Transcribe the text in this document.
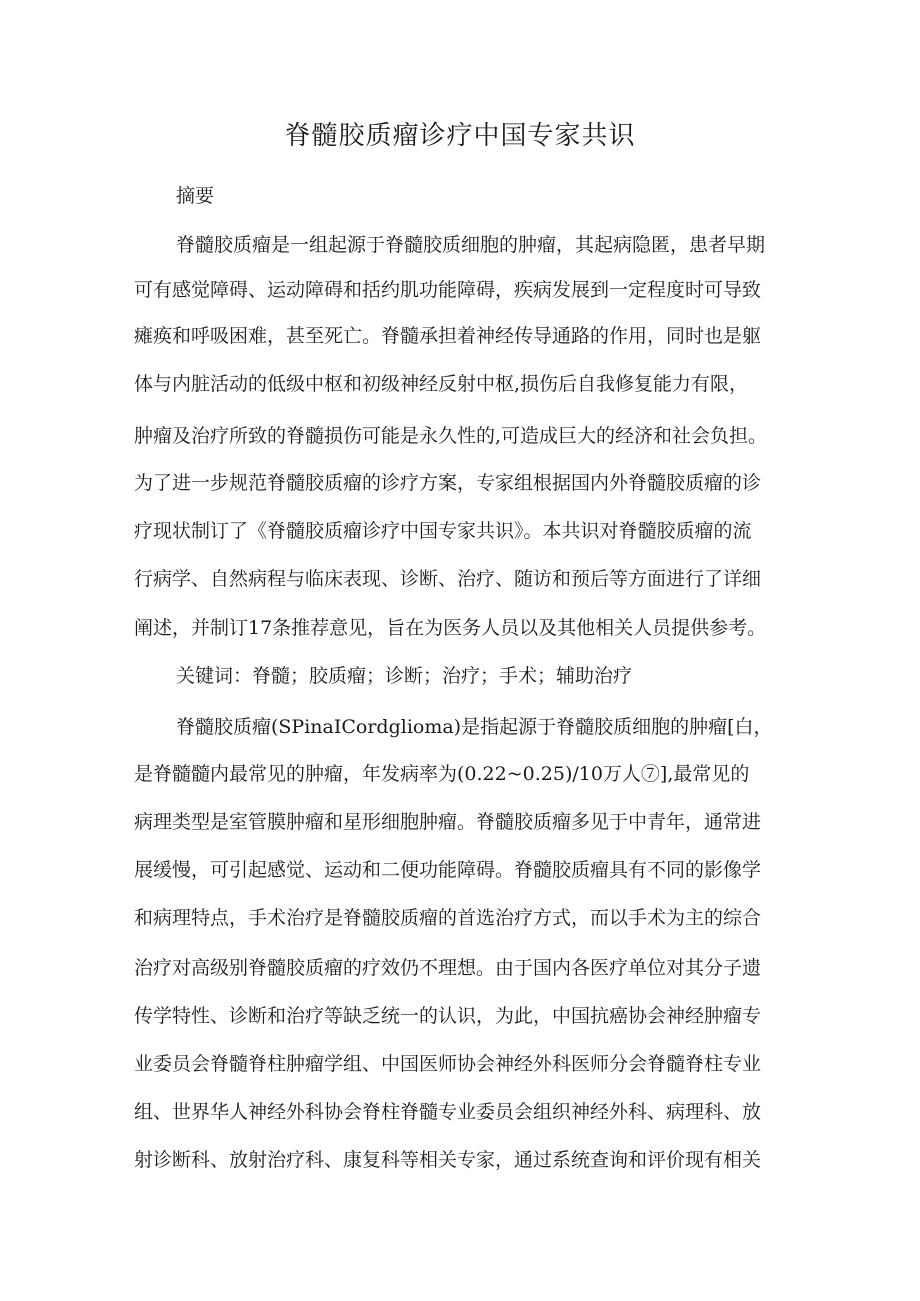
脊髓胶质瘤诊疗中国专家共识
摘要
脊髓胶质瘤是一组起源于脊髓胶质细胞的肿瘤，其起病隐匿，患者早期
可有感觉障碍、运动障碍和括约肌功能障碍，疾病发展到一定程度时可导致
瘫痪和呼吸困难，甚至死亡。脊髓承担着神经传导通路的作用，同时也是躯
体与内脏活动的低级中枢和初级神经反射中枢,损伤后自我修复能力有限，
肿瘤及治疗所致的脊髓损伤可能是永久性的,可造成巨大的经济和社会负担。
为了进一步规范脊髓胶质瘤的诊疗方案，专家组根据国内外脊髓胶质瘤的诊
疗现状制订了《脊髓胶质瘤诊疗中国专家共识》。本共识对脊髓胶质瘤的流
行病学、自然病程与临床表现、诊断、治疗、随访和预后等方面进行了详细
阐述，并制订17条推荐意见，旨在为医务人员以及其他相关人员提供参考。
关键词：脊髓；胶质瘤；诊断；治疗；手术；辅助治疗
脊髓胶质瘤(SPinaICordglioma)是指起源于脊髓胶质细胞的肿瘤[白，
是脊髓髓内最常见的肿瘤，年发病率为(0.22~0.25)/10万人⑦],最常见的
病理类型是室管膜肿瘤和星形细胞肿瘤。脊髓胶质瘤多见于中青年，通常进
展缓慢，可引起感觉、运动和二便功能障碍。脊髓胶质瘤具有不同的影像学
和病理特点，手术治疗是脊髓胶质瘤的首选治疗方式，而以手术为主的综合
治疗对高级别脊髓胶质瘤的疗效仍不理想。由于国内各医疗单位对其分子遗
传学特性、诊断和治疗等缺乏统一的认识，为此，中国抗癌协会神经肿瘤专
业委员会脊髓脊柱肿瘤学组、中国医师协会神经外科医师分会脊髓脊柱专业
组、世界华人神经外科协会脊柱脊髓专业委员会组织神经外科、病理科、放
射诊断科、放射治疗科、康复科等相关专家，通过系统查询和评价现有相关
